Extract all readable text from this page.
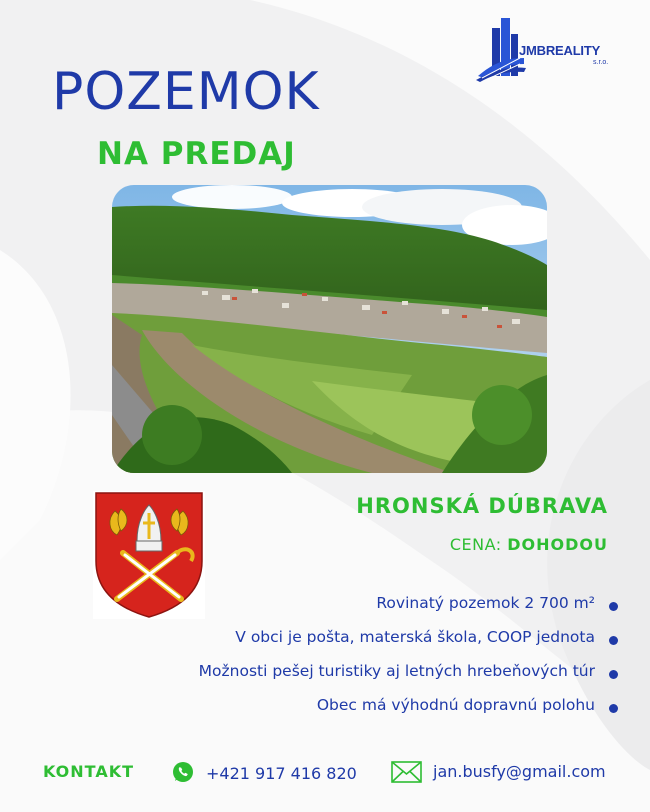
JMBREALITY
s.r.o.
POZEMOK
NA PREDAJ
HRONSKÁ DÚBRAVA
CENA: DOHODOU
Rovinatý pozemok 2 700 m²
V obci je pošta, materská škola, COOP jednota
Možnosti pešej turistiky aj letných hrebeňových túr
Obec má výhodnú dopravnú polohu
KONTAKT	+421 917 416 820	jan.busfy@gmail.com
